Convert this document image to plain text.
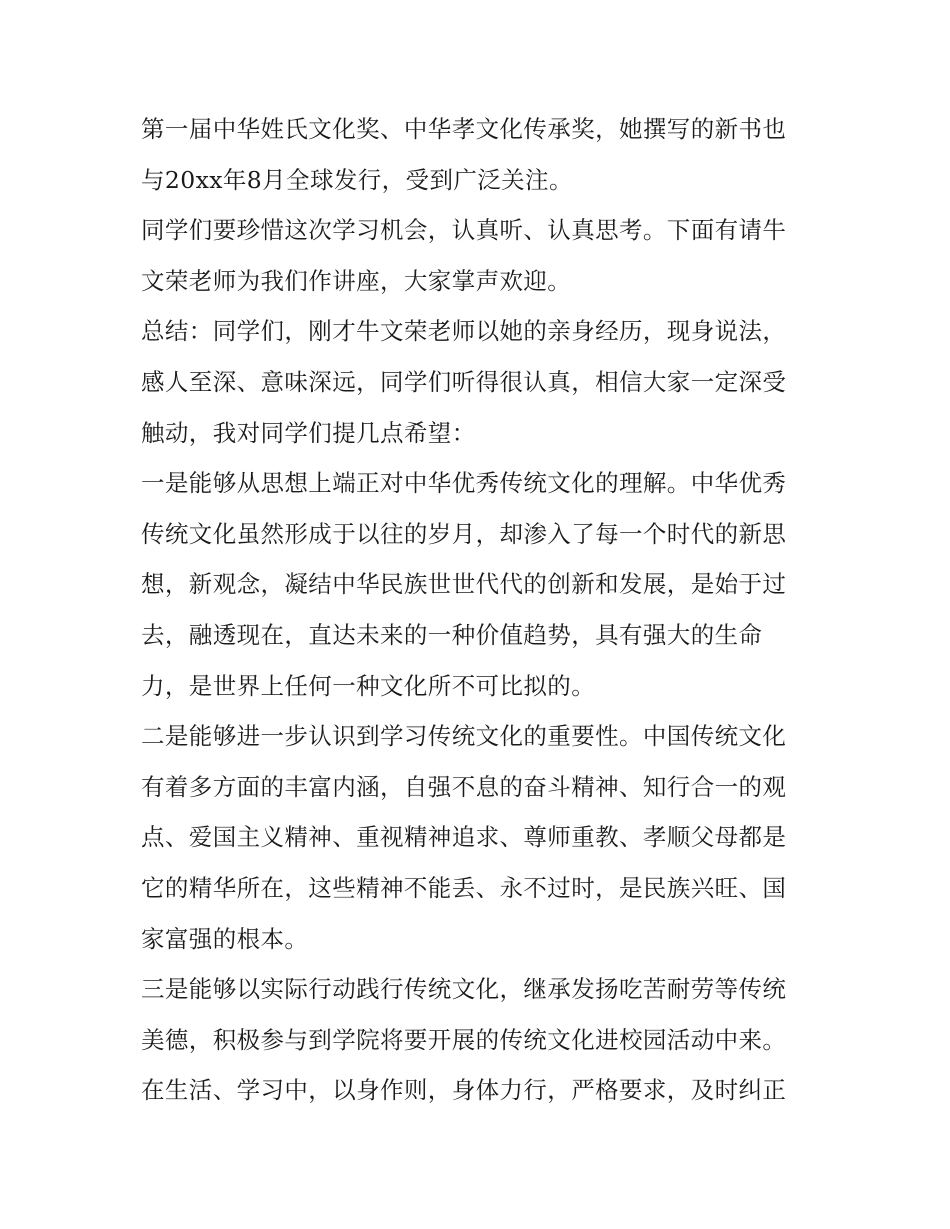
第一届中华姓氏文化奖、中华孝文化传承奖，她撰写的新书也
与20xx年8月全球发行，受到广泛关注。
同学们要珍惜这次学习机会，认真听、认真思考。下面有请牛
文荣老师为我们作讲座，大家掌声欢迎。
总结：同学们，刚才牛文荣老师以她的亲身经历，现身说法，
感人至深、意味深远，同学们听得很认真，相信大家一定深受
触动，我对同学们提几点希望：
一是能够从思想上端正对中华优秀传统文化的理解。中华优秀
传统文化虽然形成于以往的岁月，却渗入了每一个时代的新思
想，新观念，凝结中华民族世世代代的创新和发展，是始于过
去，融透现在，直达未来的一种价值趋势，具有强大的生命
力，是世界上任何一种文化所不可比拟的。
二是能够进一步认识到学习传统文化的重要性。中国传统文化
有着多方面的丰富内涵，自强不息的奋斗精神、知行合一的观
点、爱国主义精神、重视精神追求、尊师重教、孝顺父母都是
它的精华所在，这些精神不能丢、永不过时，是民族兴旺、国
家富强的根本。
三是能够以实际行动践行传统文化，继承发扬吃苦耐劳等传统
美德，积极参与到学院将要开展的传统文化进校园活动中来。
在生活、学习中，以身作则，身体力行，严格要求，及时纠正
